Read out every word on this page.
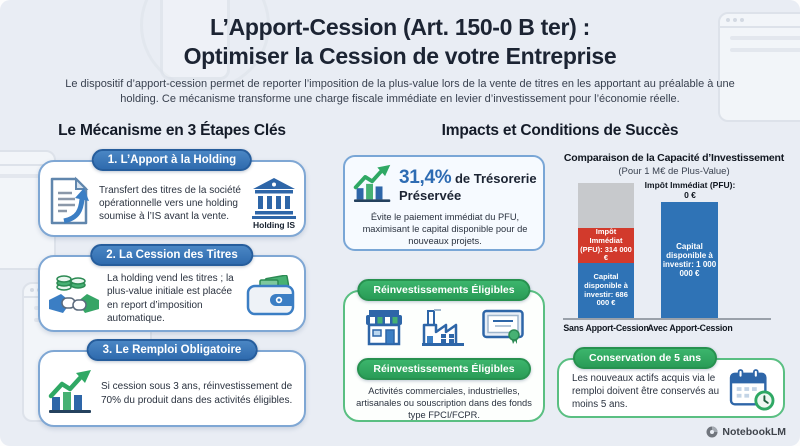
L’Apport-Cession (Art. 150-0 B ter) :
Optimiser la Cession de votre Entreprise

Le dispositif d’apport-cession permet de reporter l’imposition de la plus-value lors de la vente de titres en les apportant au préalable à une holding. Ce mécanisme transforme une charge fiscale immédiate en levier d’investissement pour l’économie réelle.

Le Mécanisme en 3 Étapes Clés	Impacts et Conditions de Succès
1. L’Apport à la Holding

Transfert des titres de la société opérationnelle vers une holding soumise à l’IS avant la vente.

Holding IS
2. La Cession des Titres

La holding vend les titres ; la plus-value initiale est placée en report d’imposition automatique.

3. Le Remploi Obligatoire

Si cession sous 3 ans, réinvestissement de 70% du produit dans des activités éligibles.

31,4% de Trésorerie Préservée

Évite le paiement immédiat du PFU, maximisant le capital disponible pour de nouveaux projets.

Comparaison de la Capacité d’Investissement
(Pour 1 M€ de Plus-Value)
Impôt Immédiat (PFU): 314 000 €
Capital disponible à investir: 686 000 €
Impôt Immédiat (PFU): 0 €
Capital disponible à investir: 1 000 000 €
Sans Apport-Cession
Avec Apport-Cession
Réinvestissements Éligibles
Réinvestissements Éligibles

Activités commerciales, industrielles, artisanales ou souscription dans des fonds type FPCI/FCPR.

Conservation de 5 ans

Les nouveaux actifs acquis via le remploi doivent être conservés au moins 5 ans.

NotebookLM
